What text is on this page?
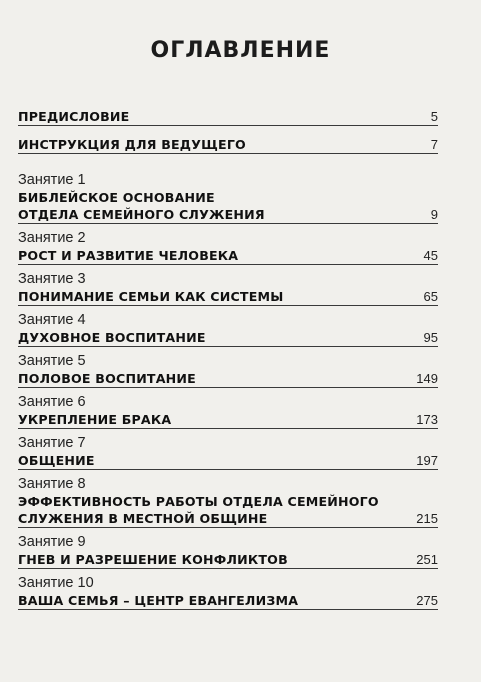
ОГЛАВЛЕНИЕ
ПРЕДИСЛОВИЕ	5
ИНСТРУКЦИЯ ДЛЯ ВЕДУЩЕГО	7
Занятие 1
БИБЛЕЙСКОЕ ОСНОВАНИЕ
ОТДЕЛА СЕМЕЙНОГО СЛУЖЕНИЯ	9
Занятие 2
РОСТ И РАЗВИТИЕ ЧЕЛОВЕКА	45
Занятие 3
ПОНИМАНИЕ СЕМЬИ КАК СИСТЕМЫ	65
Занятие 4
ДУХОВНОЕ ВОСПИТАНИЕ	95
Занятие 5
ПОЛОВОЕ ВОСПИТАНИЕ	149
Занятие 6
УКРЕПЛЕНИЕ БРАКА	173
Занятие 7
ОБЩЕНИЕ	197
Занятие 8
ЭФФЕКТИВНОСТЬ РАБОТЫ ОТДЕЛА СЕМЕЙНОГО
СЛУЖЕНИЯ В МЕСТНОЙ ОБЩИНЕ	215
Занятие 9
ГНЕВ И РАЗРЕШЕНИЕ КОНФЛИКТОВ	251
Занятие 10
ВАША СЕМЬЯ – ЦЕНТР ЕВАНГЕЛИЗМА	275
